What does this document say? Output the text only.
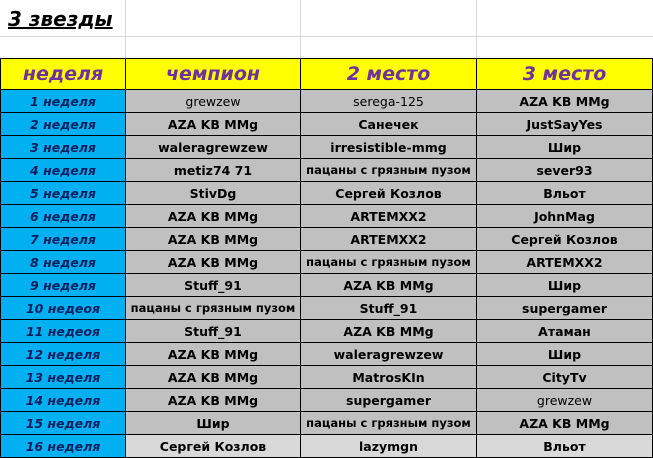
3 звезды
неделя	чемпион	2 место	3 место
1 неделя	grewzew	serega-125	AZA KB MMg
2 неделя	AZA KB MMg	Санечек	JustSayYes
3 неделя	waleragrewzew	irresistible-mmg	Шир
4 неделя	metiz74 71	пацаны с грязным пузом	sever93
5 неделя	StivDg	Сергей Козлов	Вльот
6 неделя	AZA KB MMg	ARTEMXX2	JohnMag
7 неделя	AZA KB MMg	ARTEMXX2	Сергей Козлов
8 неделя	AZA KB MMg	пацаны с грязным пузом	ARTEMXX2
9 неделя	Stuff_91	AZA KB MMg	Шир
10 недеоя	пацаны с грязным пузом	Stuff_91	supergamer
11 недеоя	Stuff_91	AZA KB MMg	Атаман
12 неделя	AZA KB MMg	waleragrewzew	Шир
13 неделя	AZA KB MMg	MatrosKIn	CityTv
14 неделя	AZA KB MMg	supergamer	grewzew
15 неделя	Шир	пацаны с грязным пузом	AZA KB MMg
16 неделя	Сергей Козлов	lazymgn	Вльот
